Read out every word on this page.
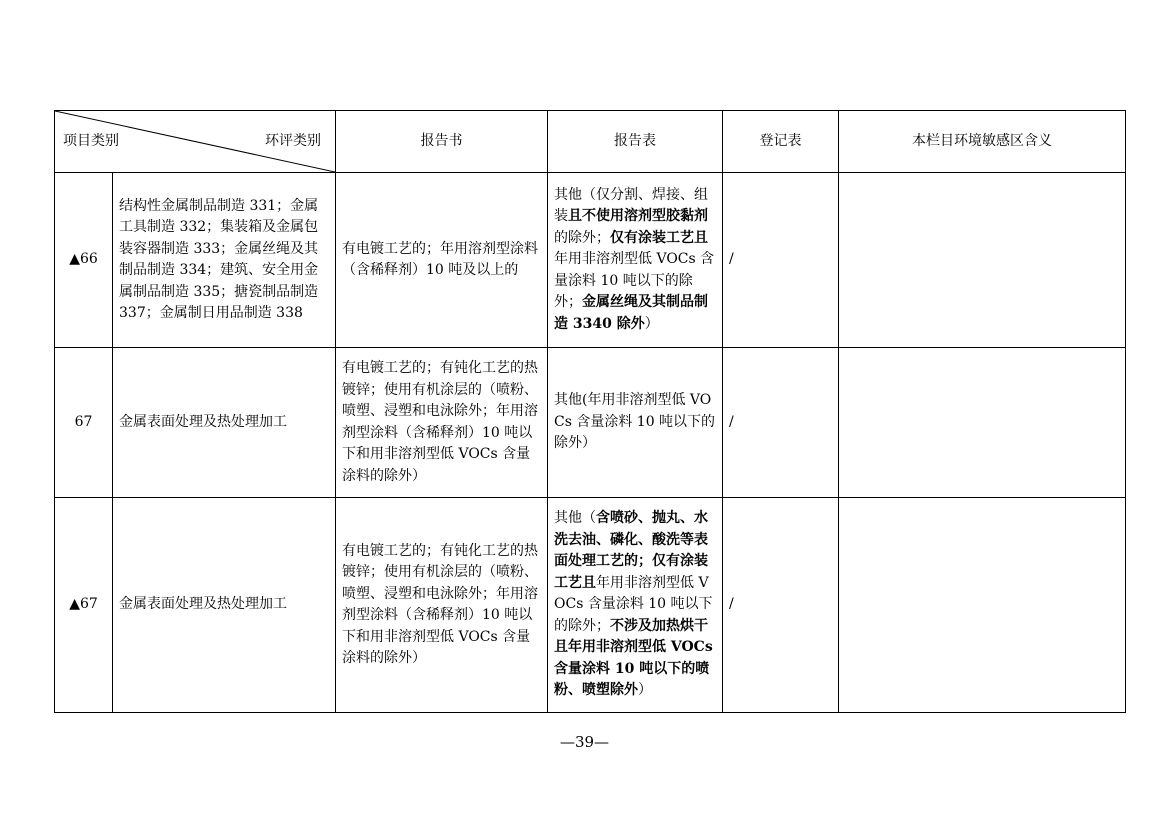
项目类别 环评类别		报告书	报告表	登记表	本栏目环境敏感区含义
▲66	结构性金属制品制造 331；金属工具制造 332；集装箱及金属包装容器制造 333；金属丝绳及其制品制造 334；建筑、安全用金属制品制造 335；搪瓷制品制造 337；金属制日用品制造 338	有电镀工艺的；年用溶剂型涂料（含稀释剂）10 吨及以上的	其他（仅分割、焊接、组装且不使用溶剂型胶黏剂的除外；仅有涂装工艺且年用非溶剂型低 VOCs 含量涂料 10 吨以下的除外；金属丝绳及其制品制造 3340 除外）	/	
67	金属表面处理及热处理加工	有电镀工艺的；有钝化工艺的热镀锌；使用有机涂层的（喷粉、喷塑、浸塑和电泳除外；年用溶剂型涂料（含稀释剂）10 吨以下和用非溶剂型低 VOCs 含量涂料的除外）	其他(年用非溶剂型低 VOCs 含量涂料 10 吨以下的除外）	/	
▲67	金属表面处理及热处理加工	有电镀工艺的；有钝化工艺的热镀锌；使用有机涂层的（喷粉、喷塑、浸塑和电泳除外；年用溶剂型涂料（含稀释剂）10 吨以下和用非溶剂型低 VOCs 含量涂料的除外）	其他（含喷砂、抛丸、水洗去油、磷化、酸洗等表面处理工艺的；仅有涂装工艺且年用非溶剂型低 VOCs 含量涂料 10 吨以下的除外；不涉及加热烘干且年用非溶剂型低 VOCs 含量涂料 10 吨以下的喷粉、喷塑除外）	/	
—39—
